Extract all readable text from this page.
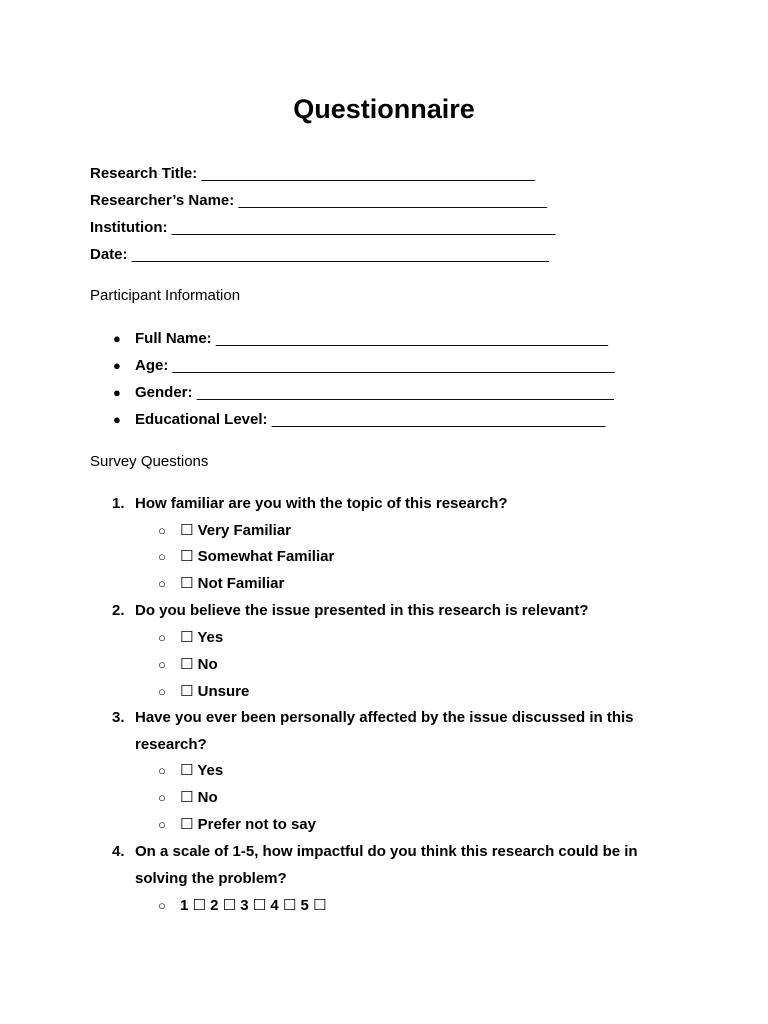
Questionnaire
Research Title: ________________________________________
Researcher’s Name: _____________________________________
Institution: ______________________________________________
Date: __________________________________________________
Participant Information
● Full Name: _______________________________________________
● Age: _____________________________________________________
● Gender: __________________________________________________
● Educational Level: ________________________________________
Survey Questions
1. How familiar are you with the topic of this research?
○ ☐ Very Familiar
○ ☐ Somewhat Familiar
○ ☐ Not Familiar
2. Do you believe the issue presented in this research is relevant?
○ ☐ Yes
○ ☐ No
○ ☐ Unsure
3. Have you ever been personally affected by the issue discussed in this
research?
○ ☐ Yes
○ ☐ No
○ ☐ Prefer not to say
4. On a scale of 1-5, how impactful do you think this research could be in
solving the problem?
○ 1 ☐ 2 ☐ 3 ☐ 4 ☐ 5 ☐
